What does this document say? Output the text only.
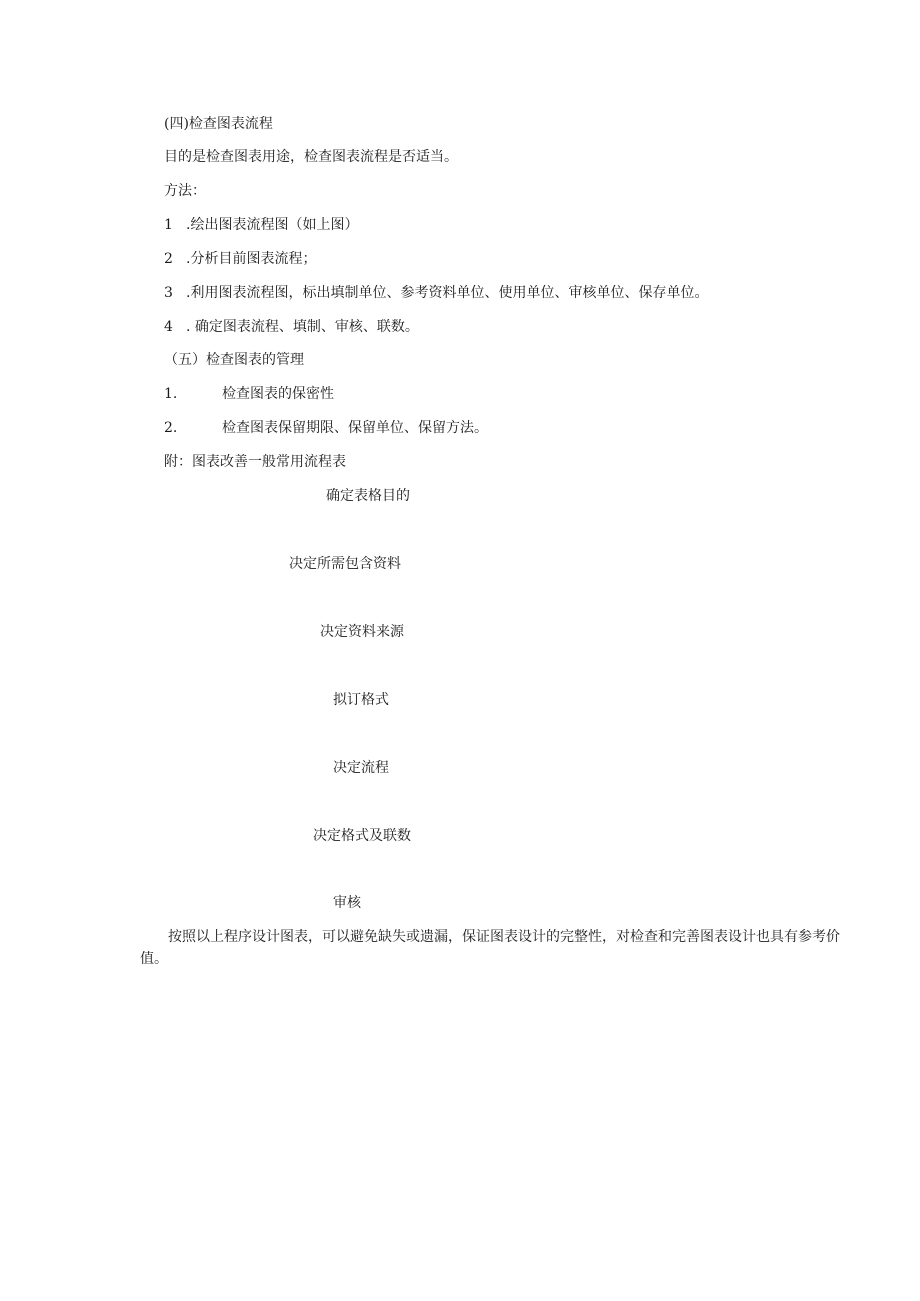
(四)检查图表流程
目的是检查图表用途，检查图表流程是否适当。
方法：
1 .绘出图表流程图（如上图）
2 .分析目前图表流程；
3 .利用图表流程图，标出填制单位、参考资料单位、使用单位、审核单位、保存单位。
4 . 确定图表流程、填制、审核、联数。
（五）检查图表的管理
1.	检查图表的保密性
2.	检查图表保留期限、保留单位、保留方法。
附：图表改善一般常用流程表
确定表格目的
决定所需包含资料
决定资料来源
拟订格式
决定流程
决定格式及联数
审核
按照以上程序设计图表，可以避免缺失或遗漏，保证图表设计的完整性，对检查和完善图表设计也具有参考价值。
